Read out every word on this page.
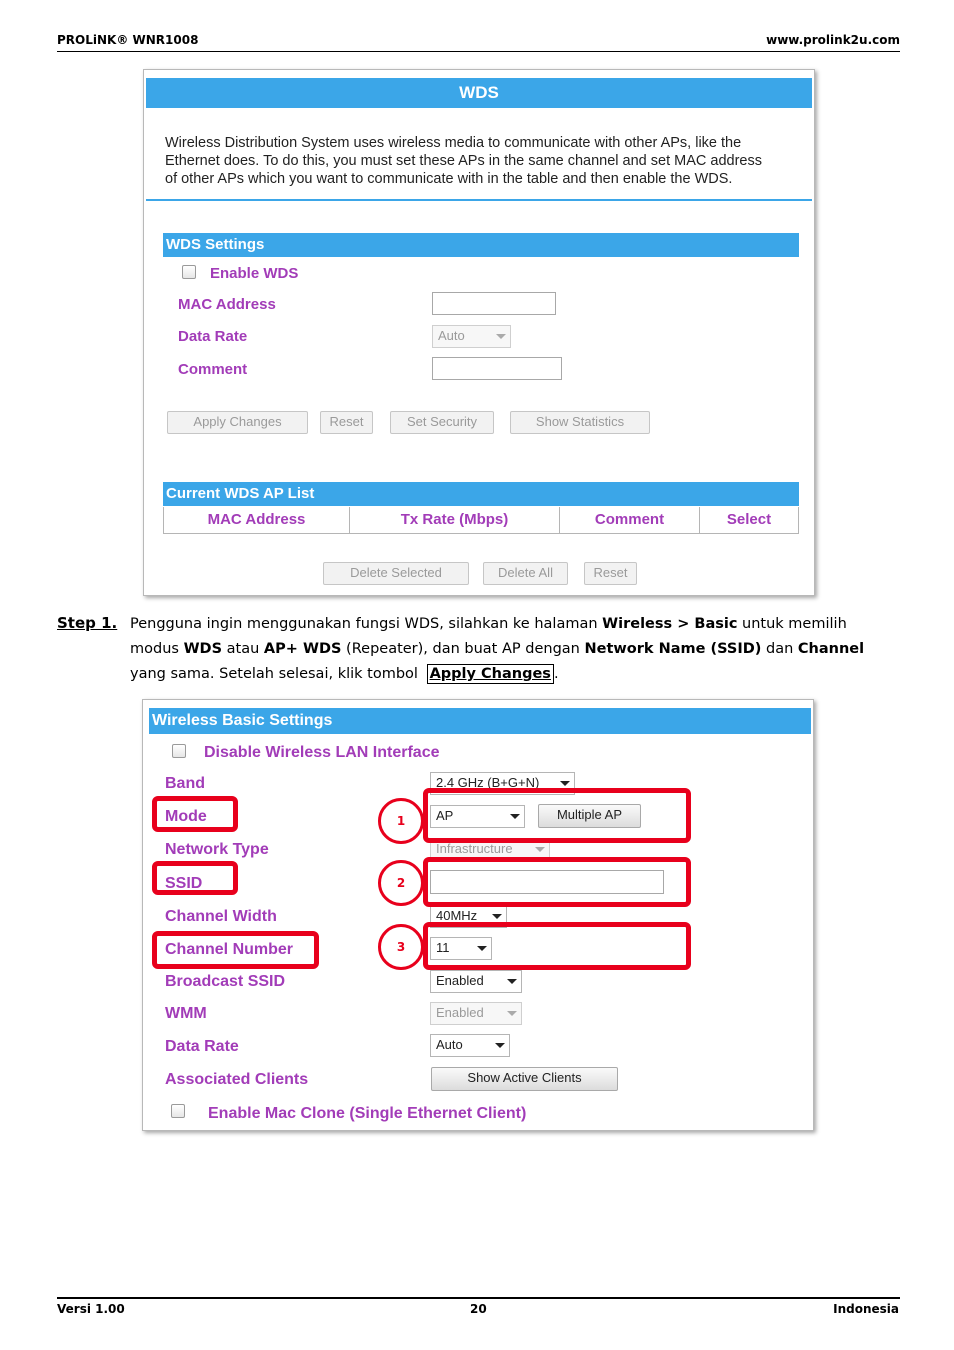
PROLiNK® WNR1008	www.prolink2u.com
WDS
Wireless Distribution System uses wireless media to communicate with other APs, like the
Ethernet does. To do this, you must set these APs in the same channel and set MAC address
of other APs which you want to communicate with in the table and then enable the WDS.
WDS Settings
Enable WDS
MAC Address
Data Rate	Auto
Comment
Apply Changes	Reset	Set Security	Show Statistics
Current WDS AP List
MAC Address	Tx Rate (Mbps)	Comment	Select
Delete Selected	Delete All	Reset
Step 1. Pengguna ingin menggunakan fungsi WDS, silahkan ke halaman Wireless > Basic untuk memilih modus WDS atau AP+ WDS (Repeater), dan buat AP dengan Network Name (SSID) dan Channel yang sama. Setelah selesai, klik tombol Apply Changes .
Wireless Basic Settings
Disable Wireless LAN Interface
Band	2.4 GHz (B+G+N)
Mode	AP	Multiple AP
Network Type	Infrastructure
SSID
Channel Width	40MHz
Channel Number	11
Broadcast SSID	Enabled
WMM	Enabled
Data Rate	Auto
Associated Clients	Show Active Clients
Enable Mac Clone (Single Ethernet Client)
1
2
3
Versi 1.00	20	Indonesia
